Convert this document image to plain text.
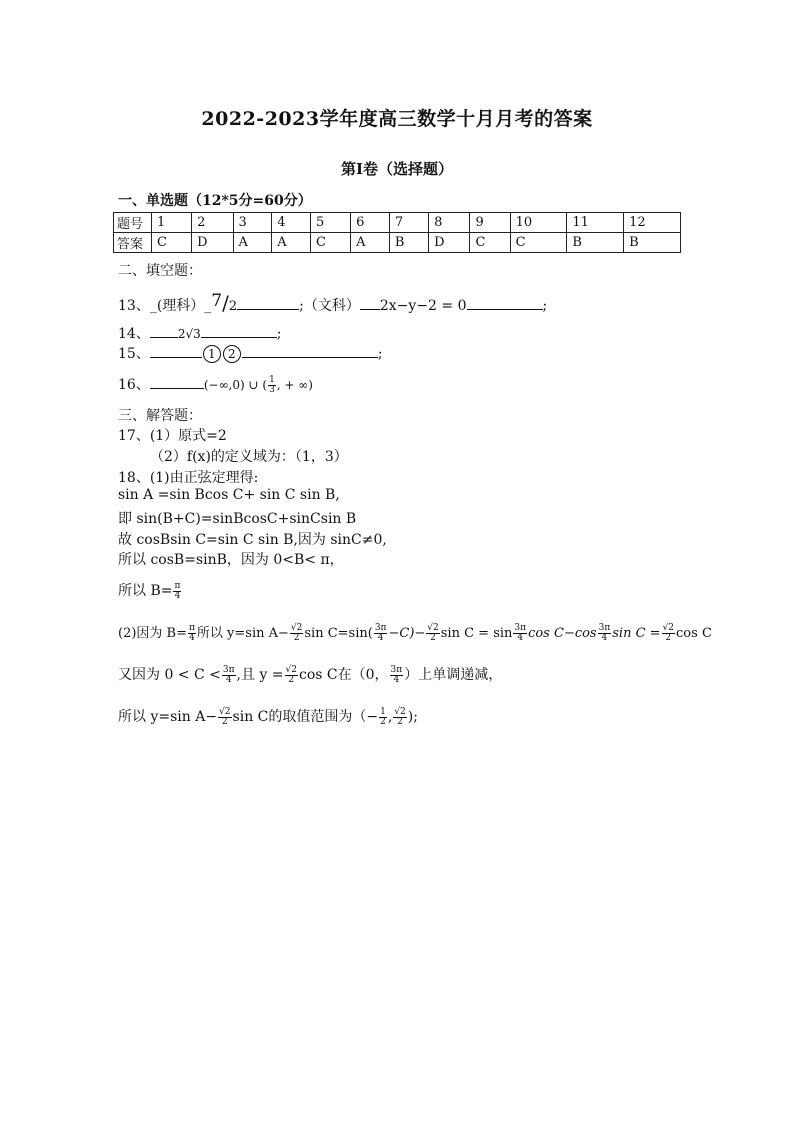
2022-2023学年度高三数学十月月考的答案
第I卷（选择题）
一、单选题（12*5分=60分）
题号	1	2	3	4	5	6	7	8	9	10	11	12
答案	C	D	A	A	C	A	B	D	C	C	B	B
二、填空题：
13、_(理科）_7/2	;（文科） 2x−y−2 = 0	;
14、 2√3	;
15、	1 2	;
16、	(−∞,0) ∪ ( $\frac{1}{3}$ , + ∞)
三、解答题：
17、(1）原式=2
（2）f(x)的定义域为：（1，3）
18、(1)由正弦定理得:
sin A =sin Bcos C+ sin C sin B,
即 sin(B+C)=sinBcosC+sinCsin B
故 cosBsin C=sin C sin B,因为 sinC≠0,
所以 cosB=sinB，因为 0<B< π，
所以 $B= \frac{\pi}{4}$
(2)因为 $B= \frac{\pi}{4}$ 所以 y=sin $A- \frac{√2}{2}$ $\sin C=\sin( \frac{3\pi}{4} -C)- \frac{√2}{2}$ $\sin C = \sin \frac{3\pi}{4}$ $\cos C-\cos \frac{3\pi}{4}$ $\sin C = \frac{√2}{2}$ cos C
又因为 $0 < C < \frac{3\pi}{4}$ ,且 $y = \frac{√2}{2}$ cos C在（0， $\frac{3\pi}{4}$ ）上单调递减，
所以 y=sin $A- \frac{√2}{2}$ sin C的取值范围为（− $\frac{1}{2}$ , $\frac{√2}{2}$ );
